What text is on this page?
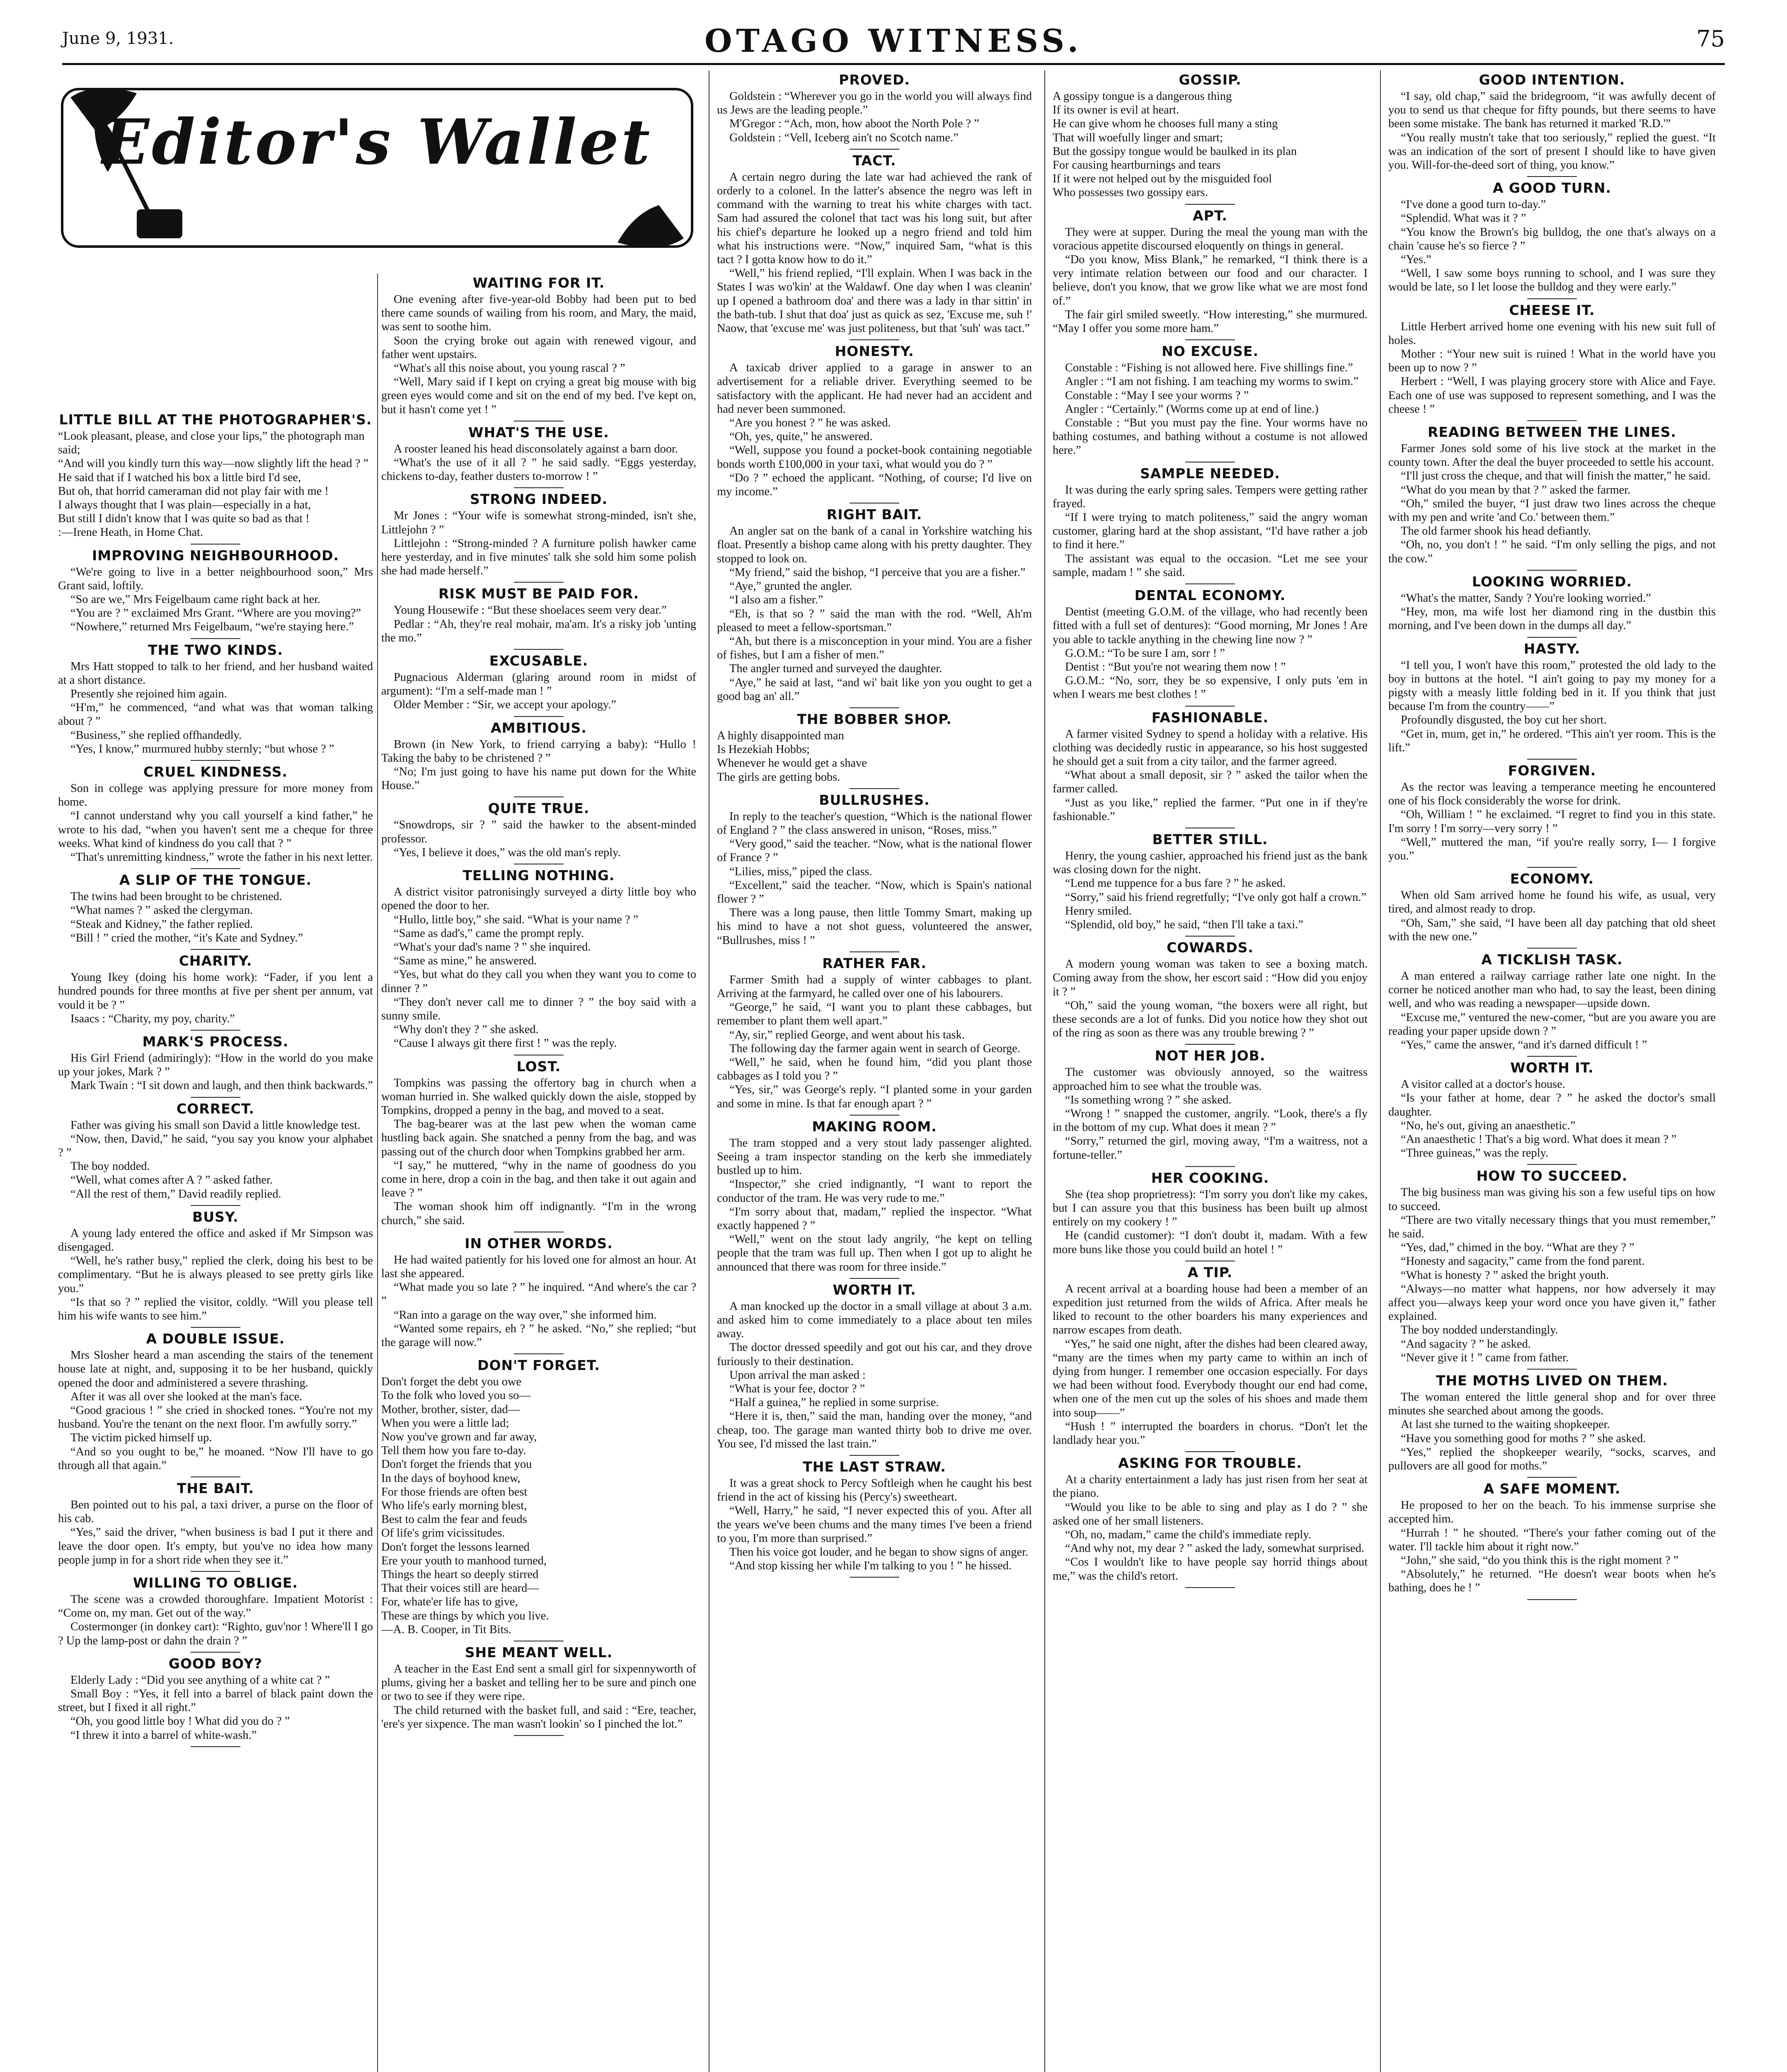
June 9, 1931.	OTAGO WITNESS.	75
Editor's Wallet
LITTLE BILL AT THE PHOTOGRAPHER'S.

“Look pleasant, please, and close your lips,” the photograph man said;

“And will you kindly turn this way—now slightly lift the head ? ”

He said that if I watched his box a little bird I'd see,

But oh, that horrid cameraman did not play fair with me !

I always thought that I was plain—especially in a hat,

But still I didn't know that I was quite so bad as that !

:—Irene Heath, in Home Chat.

IMPROVING NEIGHBOURHOOD.

“We're going to live in a better neighbourhood soon,” Mrs Grant said, loftily.

“So are we,” Mrs Feigelbaum came right back at her.

“You are ? ” exclaimed Mrs Grant. “Where are you moving?”

“Nowhere,” returned Mrs Feigelbaum, “we're staying here.”

THE TWO KINDS.

Mrs Hatt stopped to talk to her friend, and her husband waited at a short distance.

Presently she rejoined him again.

“H'm,” he commenced, “and what was that woman talking about ? ”

“Business,” she replied offhandedly.

“Yes, I know,” murmured hubby sternly; “but whose ? ”

CRUEL KINDNESS.

Son in college was applying pressure for more money from home.

“I cannot understand why you call yourself a kind father,” he wrote to his dad, “when you haven't sent me a cheque for three weeks. What kind of kindness do you call that ? ”

“That's unremitting kindness,” wrote the father in his next letter.

A SLIP OF THE TONGUE.

The twins had been brought to be christened.

“What names ? ” asked the clergyman.

“Steak and Kidney,” the father replied.

“Bill ! ” cried the mother, “it's Kate and Sydney.”

CHARITY.

Young Ikey (doing his home work): “Fader, if you lent a hundred pounds for three months at five per shent per annum, vat vould it be ? ”

Isaacs : “Charity, my poy, charity.”

MARK'S PROCESS.

His Girl Friend (admiringly): “How in the world do you make up your jokes, Mark ? ”

Mark Twain : “I sit down and laugh, and then think backwards.”

CORRECT.

Father was giving his small son David a little knowledge test.

“Now, then, David,” he said, “you say you know your alphabet ? ”

The boy nodded.

“Well, what comes after A ? ” asked father.

“All the rest of them,” David readily replied.

BUSY.

A young lady entered the office and asked if Mr Simpson was disengaged.

“Well, he's rather busy,” replied the clerk, doing his best to be complimentary. “But he is always pleased to see pretty girls like you.”

“Is that so ? ” replied the visitor, coldly. “Will you please tell him his wife wants to see him.”

A DOUBLE ISSUE.

Mrs Slosher heard a man ascending the stairs of the tenement house late at night, and, supposing it to be her husband, quickly opened the door and administered a severe thrashing.

After it was all over she looked at the man's face.

“Good gracious ! ” she cried in shocked tones. “You're not my husband. You're the tenant on the next floor. I'm awfully sorry.”

The victim picked himself up.

“And so you ought to be,” he moaned. “Now I'll have to go through all that again.”

THE BAIT.

Ben pointed out to his pal, a taxi driver, a purse on the floor of his cab.

“Yes,” said the driver, “when business is bad I put it there and leave the door open. It's empty, but you've no idea how many people jump in for a short ride when they see it.”

WILLING TO OBLIGE.

The scene was a crowded thoroughfare. Impatient Motorist : “Come on, my man. Get out of the way.”

Costermonger (in donkey cart): “Righto, guv'nor ! Where'll I go ? Up the lamp-post or dahn the drain ? ”

GOOD BOY?

Elderly Lady : “Did you see anything of a white cat ? ”

Small Boy : “Yes, it fell into a barrel of black paint down the street, but I fixed it all right.”

“Oh, you good little boy ! What did you do ? ”

“I threw it into a barrel of white-wash.”

WAITING FOR IT.

One evening after five-year-old Bobby had been put to bed there came sounds of wailing from his room, and Mary, the maid, was sent to soothe him.

Soon the crying broke out again with renewed vigour, and father went upstairs.

“What's all this noise about, you young rascal ? ”

“Well, Mary said if I kept on crying a great big mouse with big green eyes would come and sit on the end of my bed. I've kept on, but it hasn't come yet ! ”

WHAT'S THE USE.

A rooster leaned his head disconsolately against a barn door.

“What's the use of it all ? ” he said sadly. “Eggs yesterday, chickens to-day, feather dusters to-morrow ! ”

STRONG INDEED.

Mr Jones : “Your wife is somewhat strong-minded, isn't she, Littlejohn ? ”

Littlejohn : “Strong-minded ? A furniture polish hawker came here yesterday, and in five minutes' talk she sold him some polish she had made herself.”

RISK MUST BE PAID FOR.

Young Housewife : “But these shoelaces seem very dear.”

Pedlar : “Ah, they're real mohair, ma'am. It's a risky job 'unting the mo.”

EXCUSABLE.

Pugnacious Alderman (glaring around room in midst of argument): “I'm a self-made man ! ”

Older Member : “Sir, we accept your apology.”

AMBITIOUS.

Brown (in New York, to friend carrying a baby): “Hullo ! Taking the baby to be christened ? ”

“No; I'm just going to have his name put down for the White House.”

QUITE TRUE.

“Snowdrops, sir ? ” said the hawker to the absent-minded professor.

“Yes, I believe it does,” was the old man's reply.

TELLING NOTHING.

A district visitor patronisingly surveyed a dirty little boy who opened the door to her.

“Hullo, little boy,” she said. “What is your name ? ”

“Same as dad's,” came the prompt reply.

“What's your dad's name ? ” she inquired.

“Same as mine,” he answered.

“Yes, but what do they call you when they want you to come to dinner ? ”

“They don't never call me to dinner ? ” the boy said with a sunny smile.

“Why don't they ? ” she asked.

“Cause I always git there first ! ” was the reply.

LOST.

Tompkins was passing the offertory bag in church when a woman hurried in. She walked quickly down the aisle, stopped by Tompkins, dropped a penny in the bag, and moved to a seat.

The bag-bearer was at the last pew when the woman came hustling back again. She snatched a penny from the bag, and was passing out of the church door when Tompkins grabbed her arm.

“I say,” he muttered, “why in the name of goodness do you come in here, drop a coin in the bag, and then take it out again and leave ? ”

The woman shook him off indignantly. “I'm in the wrong church,” she said.

IN OTHER WORDS.

He had waited patiently for his loved one for almost an hour. At last she appeared.

“What made you so late ? ” he inquired. “And where's the car ? ”

“Ran into a garage on the way over,” she informed him.

“Wanted some repairs, eh ? ” he asked. “No,” she replied; “but the garage will now.”

DON'T FORGET.

Don't forget the debt you owe

To the folk who loved you so—

Mother, brother, sister, dad—

When you were a little lad;

Now you've grown and far away,

Tell them how you fare to-day.

Don't forget the friends that you

In the days of boyhood knew,

For those friends are often best

Who life's early morning blest,

Best to calm the fear and feuds

Of life's grim vicissitudes.

Don't forget the lessons learned

Ere your youth to manhood turned,

Things the heart so deeply stirred

That their voices still are heard—

For, whate'er life has to give,

These are things by which you live.

—A. B. Cooper, in Tit Bits.

SHE MEANT WELL.

A teacher in the East End sent a small girl for sixpennyworth of plums, giving her a basket and telling her to be sure and pinch one or two to see if they were ripe.

The child returned with the basket full, and said : “Ere, teacher, 'ere's yer sixpence. The man wasn't lookin' so I pinched the lot.”

PROVED.

Goldstein : “Wherever you go in the world you will always find us Jews are the leading people.”

M'Gregor : “Ach, mon, how aboot the North Pole ? ”

Goldstein : “Vell, Iceberg ain't no Scotch name.”

TACT.

A certain negro during the late war had achieved the rank of orderly to a colonel. In the latter's absence the negro was left in command with the warning to treat his white charges with tact. Sam had assured the colonel that tact was his long suit, but after his chief's departure he looked up a negro friend and told him what his instructions were. “Now,” inquired Sam, “what is this tact ? I gotta know how to do it.”

“Well,” his friend replied, “I'll explain. When I was back in the States I was wo'kin' at the Waldawf. One day when I was cleanin' up I opened a bathroom doa' and there was a lady in thar sittin' in the bath-tub. I shut that doa' just as quick as sez, 'Excuse me, suh !' Naow, that 'excuse me' was just politeness, but that 'suh' was tact.”

HONESTY.

A taxicab driver applied to a garage in answer to an advertisement for a reliable driver. Everything seemed to be satisfactory with the applicant. He had never had an accident and had never been summoned.

“Are you honest ? ” he was asked.

“Oh, yes, quite,” he answered.

“Well, suppose you found a pocket-book containing negotiable bonds worth £100,000 in your taxi, what would you do ? ”

“Do ? ” echoed the applicant. “Nothing, of course; I'd live on my income.”

RIGHT BAIT.

An angler sat on the bank of a canal in Yorkshire watching his float. Presently a bishop came along with his pretty daughter. They stopped to look on.

“My friend,” said the bishop, “I perceive that you are a fisher.”

“Aye,” grunted the angler.

“I also am a fisher.”

“Eh, is that so ? ” said the man with the rod. “Well, Ah'm pleased to meet a fellow-sportsman.”

“Ah, but there is a misconception in your mind. You are a fisher of fishes, but I am a fisher of men.”

The angler turned and surveyed the daughter.

“Aye,” he said at last, “and wi' bait like yon you ought to get a good bag an' all.”

THE BOBBER SHOP.

A highly disappointed man

Is Hezekiah Hobbs;

Whenever he would get a shave

The girls are getting bobs.

BULLRUSHES.

In reply to the teacher's question, “Which is the national flower of England ? ” the class answered in unison, “Roses, miss.”

“Very good,” said the teacher. “Now, what is the national flower of France ? ”

“Lilies, miss,” piped the class.

“Excellent,” said the teacher. “Now, which is Spain's national flower ? ”

There was a long pause, then little Tommy Smart, making up his mind to have a not shot guess, volunteered the answer, “Bullrushes, miss ! ”

RATHER FAR.

Farmer Smith had a supply of winter cabbages to plant. Arriving at the farmyard, he called over one of his labourers.

“George,” he said, “I want you to plant these cabbages, but remember to plant them well apart.”

“Ay, sir,” replied George, and went about his task.

The following day the farmer again went in search of George.

“Well,” he said, when he found him, “did you plant those cabbages as I told you ? ”

“Yes, sir,” was George's reply. “I planted some in your garden and some in mine. Is that far enough apart ? ”

MAKING ROOM.

The tram stopped and a very stout lady passenger alighted. Seeing a tram inspector standing on the kerb she immediately bustled up to him.

“Inspector,” she cried indignantly, “I want to report the conductor of the tram. He was very rude to me.”

“I'm sorry about that, madam,” replied the inspector. “What exactly happened ? ”

“Well,” went on the stout lady angrily, “he kept on telling people that the tram was full up. Then when I got up to alight he announced that there was room for three inside.”

WORTH IT.

A man knocked up the doctor in a small village at about 3 a.m. and asked him to come immediately to a place about ten miles away.

The doctor dressed speedily and got out his car, and they drove furiously to their destination.

Upon arrival the man asked :

“What is your fee, doctor ? ”

“Half a guinea,” he replied in some surprise.

“Here it is, then,” said the man, handing over the money, “and cheap, too. The garage man wanted thirty bob to drive me over. You see, I'd missed the last train.”

THE LAST STRAW.

It was a great shock to Percy Softleigh when he caught his best friend in the act of kissing his (Percy's) sweetheart.

“Well, Harry,” he said, “I never expected this of you. After all the years we've been chums and the many times I've been a friend to you, I'm more than surprised.”

Then his voice got louder, and he began to show signs of anger.

“And stop kissing her while I'm talking to you ! ” he hissed.

GOSSIP.

A gossipy tongue is a dangerous thing

If its owner is evil at heart.

He can give whom he chooses full many a sting

That will woefully linger and smart;

But the gossipy tongue would be baulked in its plan

For causing heartburnings and tears

If it were not helped out by the misguided fool

Who possesses two gossipy ears.

APT.

They were at supper. During the meal the young man with the voracious appetite discoursed eloquently on things in general.

“Do you know, Miss Blank,” he remarked, “I think there is a very intimate relation between our food and our character. I believe, don't you know, that we grow like what we are most fond of.”

The fair girl smiled sweetly. “How interesting,” she murmured. “May I offer you some more ham.”

NO EXCUSE.

Constable : “Fishing is not allowed here. Five shillings fine.”

Angler : “I am not fishing. I am teaching my worms to swim.”

Constable : “May I see your worms ? ”

Angler : “Certainly.” (Worms come up at end of line.)

Constable : “But you must pay the fine. Your worms have no bathing costumes, and bathing without a costume is not allowed here.”

SAMPLE NEEDED.

It was during the early spring sales. Tempers were getting rather frayed.

“If I were trying to match politeness,” said the angry woman customer, glaring hard at the shop assistant, “I'd have rather a job to find it here.”

The assistant was equal to the occasion. “Let me see your sample, madam ! ” she said.

DENTAL ECONOMY.

Dentist (meeting G.O.M. of the village, who had recently been fitted with a full set of dentures): “Good morning, Mr Jones ! Are you able to tackle anything in the chewing line now ? ”

G.O.M.: “To be sure I am, sorr ! ”

Dentist : “But you're not wearing them now ! ”

G.O.M.: “No, sorr, they be so expensive, I only puts 'em in when I wears me best clothes ! ”

FASHIONABLE.

A farmer visited Sydney to spend a holiday with a relative. His clothing was decidedly rustic in appearance, so his host suggested he should get a suit from a city tailor, and the farmer agreed.

“What about a small deposit, sir ? ” asked the tailor when the farmer called.

“Just as you like,” replied the farmer. “Put one in if they're fashionable.”

BETTER STILL.

Henry, the young cashier, approached his friend just as the bank was closing down for the night.

“Lend me tuppence for a bus fare ? ” he asked.

“Sorry,” said his friend regretfully; “I've only got half a crown.”

Henry smiled.

“Splendid, old boy,” he said, “then I'll take a taxi.”

COWARDS.

A modern young woman was taken to see a boxing match. Coming away from the show, her escort said : “How did you enjoy it ? ”

“Oh,” said the young woman, “the boxers were all right, but these seconds are a lot of funks. Did you notice how they shot out of the ring as soon as there was any trouble brewing ? ”

NOT HER JOB.

The customer was obviously annoyed, so the waitress approached him to see what the trouble was.

“Is something wrong ? ” she asked.

“Wrong ! ” snapped the customer, angrily. “Look, there's a fly in the bottom of my cup. What does it mean ? ”

“Sorry,” returned the girl, moving away, “I'm a waitress, not a fortune-teller.”

HER COOKING.

She (tea shop proprietress): “I'm sorry you don't like my cakes, but I can assure you that this business has been built up almost entirely on my cookery ! ”

He (candid customer): “I don't doubt it, madam. With a few more buns like those you could build an hotel ! ”

A TIP.

A recent arrival at a boarding house had been a member of an expedition just returned from the wilds of Africa. After meals he liked to recount to the other boarders his many experiences and narrow escapes from death.

“Yes,” he said one night, after the dishes had been cleared away, “many are the times when my party came to within an inch of dying from hunger. I remember one occasion especially. For days we had been without food. Everybody thought our end had come, when one of the men cut up the soles of his shoes and made them into soup——”

“Hush ! ” interrupted the boarders in chorus. “Don't let the landlady hear you.”

ASKING FOR TROUBLE.

At a charity entertainment a lady has just risen from her seat at the piano.

“Would you like to be able to sing and play as I do ? ” she asked one of her small listeners.

“Oh, no, madam,” came the child's immediate reply.

“And why not, my dear ? ” asked the lady, somewhat surprised.

“Cos I wouldn't like to have people say horrid things about me,” was the child's retort.

GOOD INTENTION.

“I say, old chap,” said the bridegroom, “it was awfully decent of you to send us that cheque for fifty pounds, but there seems to have been some mistake. The bank has returned it marked 'R.D.'”

“You really mustn't take that too seriously,” replied the guest. “It was an indication of the sort of present I should like to have given you. Will-for-the-deed sort of thing, you know.”

A GOOD TURN.

“I've done a good turn to-day.”

“Splendid. What was it ? ”

“You know the Brown's big bulldog, the one that's always on a chain 'cause he's so fierce ? ”

“Yes.”

“Well, I saw some boys running to school, and I was sure they would be late, so I let loose the bulldog and they were early.”

CHEESE IT.

Little Herbert arrived home one evening with his new suit full of holes.

Mother : “Your new suit is ruined ! What in the world have you been up to now ? ”

Herbert : “Well, I was playing grocery store with Alice and Faye. Each one of use was supposed to represent something, and I was the cheese ! ”

READING BETWEEN THE LINES.

Farmer Jones sold some of his live stock at the market in the county town. After the deal the buyer proceeded to settle his account.

“I'll just cross the cheque, and that will finish the matter,” he said.

“What do you mean by that ? ” asked the farmer.

“Oh,” smiled the buyer, “I just draw two lines across the cheque with my pen and write 'and Co.' between them.”

The old farmer shook his head defiantly.

“Oh, no, you don't ! ” he said. “I'm only selling the pigs, and not the cow.”

LOOKING WORRIED.

“What's the matter, Sandy ? You're looking worried.”

“Hey, mon, ma wife lost her diamond ring in the dustbin this morning, and I've been down in the dumps all day.”

HASTY.

“I tell you, I won't have this room,” protested the old lady to the boy in buttons at the hotel. “I ain't going to pay my money for a pigsty with a measly little folding bed in it. If you think that just because I'm from the country——”

Profoundly disgusted, the boy cut her short.

“Get in, mum, get in,” he ordered. “This ain't yer room. This is the lift.”

FORGIVEN.

As the rector was leaving a temperance meeting he encountered one of his flock considerably the worse for drink.

“Oh, William ! ” he exclaimed. “I regret to find you in this state. I'm sorry ! I'm sorry—very sorry ! ”

“Well,” muttered the man, “if you're really sorry, I— I forgive you.”

ECONOMY.

When old Sam arrived home he found his wife, as usual, very tired, and almost ready to drop.

“Oh, Sam,” she said, “I have been all day patching that old sheet with the new one.”

A TICKLISH TASK.

A man entered a railway carriage rather late one night. In the corner he noticed another man who had, to say the least, been dining well, and who was reading a newspaper—upside down.

“Excuse me,” ventured the new-comer, “but are you aware you are reading your paper upside down ? ”

“Yes,” came the answer, “and it's darned difficult ! ”

WORTH IT.

A visitor called at a doctor's house.

“Is your father at home, dear ? ” he asked the doctor's small daughter.

“No, he's out, giving an anaesthetic.”

“An anaesthetic ! That's a big word. What does it mean ? ”

“Three guineas,” was the reply.

HOW TO SUCCEED.

The big business man was giving his son a few useful tips on how to succeed.

“There are two vitally necessary things that you must remember,” he said.

“Yes, dad,” chimed in the boy. “What are they ? ”

“Honesty and sagacity,” came from the fond parent.

“What is honesty ? ” asked the bright youth.

“Always—no matter what happens, nor how adversely it may affect you—always keep your word once you have given it,” father explained.

The boy nodded understandingly.

“And sagacity ? ” he asked.

“Never give it ! ” came from father.

THE MOTHS LIVED ON THEM.

The woman entered the little general shop and for over three minutes she searched about among the goods.

At last she turned to the waiting shopkeeper.

“Have you something good for moths ? ” she asked.

“Yes,” replied the shopkeeper wearily, “socks, scarves, and pullovers are all good for moths.”

A SAFE MOMENT.

He proposed to her on the beach. To his immense surprise she accepted him.

“Hurrah ! ” he shouted. “There's your father coming out of the water. I'll tackle him about it right now.”

“John,” she said, “do you think this is the right moment ? ”

“Absolutely,” he returned. “He doesn't wear boots when he's bathing, does he ! ”
